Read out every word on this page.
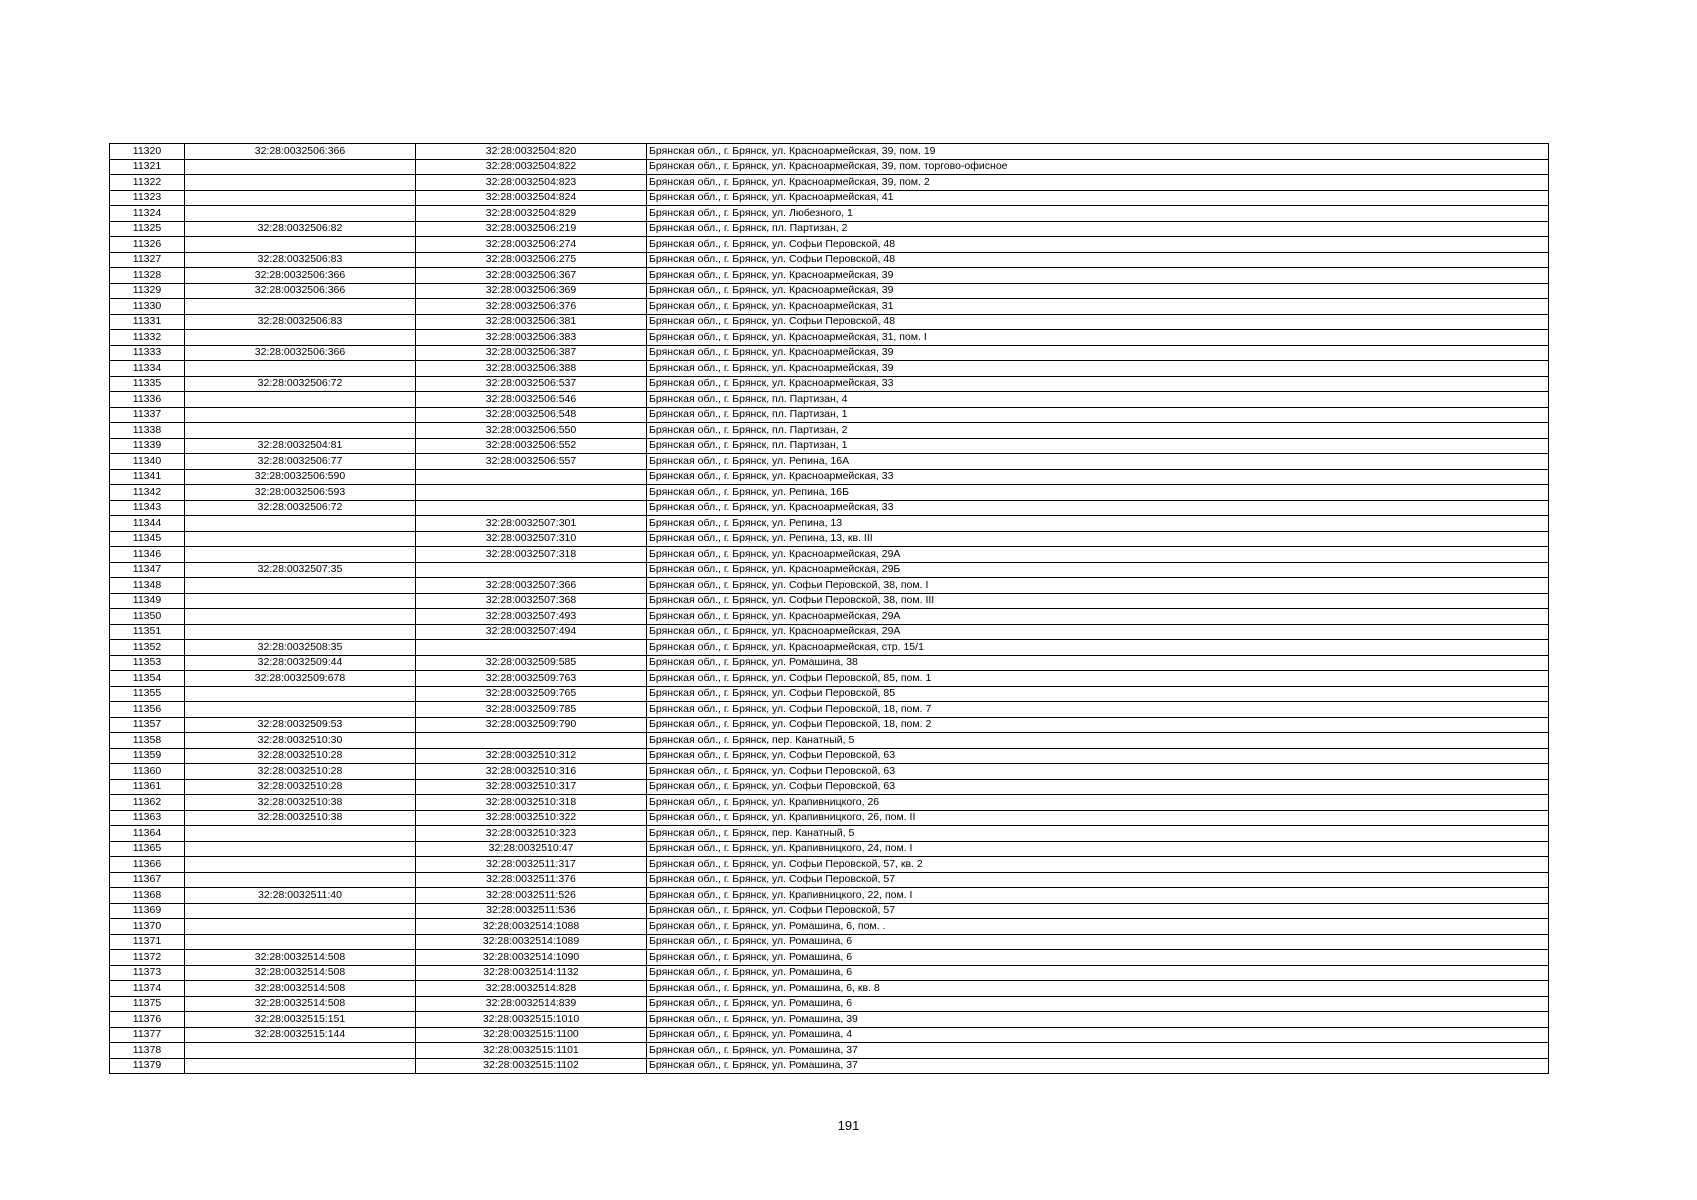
11320	32:28:0032506:366	32:28:0032504:820	Брянская обл., г. Брянск, ул. Красноармейская, 39, пом. 19
11321		32:28:0032504:822	Брянская обл., г. Брянск, ул. Красноармейская, 39, пом. торгово-офисное
11322		32:28:0032504:823	Брянская обл., г. Брянск, ул. Красноармейская, 39, пом. 2
11323		32:28:0032504:824	Брянская обл., г. Брянск, ул. Красноармейская, 41
11324		32:28:0032504:829	Брянская обл., г. Брянск, ул. Любезного, 1
11325	32:28:0032506:82	32:28:0032506:219	Брянская обл., г. Брянск, пл. Партизан, 2
11326		32:28:0032506:274	Брянская обл., г. Брянск, ул. Софьи Перовской, 48
11327	32:28:0032506:83	32:28:0032506:275	Брянская обл., г. Брянск, ул. Софьи Перовской, 48
11328	32:28:0032506:366	32:28:0032506:367	Брянская обл., г. Брянск, ул. Красноармейская, 39
11329	32:28:0032506:366	32:28:0032506:369	Брянская обл., г. Брянск, ул. Красноармейская, 39
11330		32:28:0032506:376	Брянская обл., г. Брянск, ул. Красноармейская, 31
11331	32:28:0032506:83	32:28:0032506:381	Брянская обл., г. Брянск, ул. Софьи Перовской, 48
11332		32:28:0032506:383	Брянская обл., г. Брянск, ул. Красноармейская, 31, пом. I
11333	32:28:0032506:366	32:28:0032506:387	Брянская обл., г. Брянск, ул. Красноармейская, 39
11334		32:28:0032506:388	Брянская обл., г. Брянск, ул. Красноармейская, 39
11335	32:28:0032506:72	32:28:0032506:537	Брянская обл., г. Брянск, ул. Красноармейская, 33
11336		32:28:0032506:546	Брянская обл., г. Брянск, пл. Партизан, 4
11337		32:28:0032506:548	Брянская обл., г. Брянск, пл. Партизан, 1
11338		32:28:0032506:550	Брянская обл., г. Брянск, пл. Партизан, 2
11339	32:28:0032504:81	32:28:0032506:552	Брянская обл., г. Брянск, пл. Партизан, 1
11340	32:28:0032506:77	32:28:0032506:557	Брянская обл., г. Брянск, ул. Репина, 16А
11341	32:28:0032506:590		Брянская обл., г. Брянск, ул. Красноармейская, 33
11342	32:28:0032506:593		Брянская обл., г. Брянск, ул. Репина, 16Б
11343	32:28:0032506:72		Брянская обл., г. Брянск, ул. Красноармейская, 33
11344		32:28:0032507:301	Брянская обл., г. Брянск, ул. Репина, 13
11345		32:28:0032507:310	Брянская обл., г. Брянск, ул. Репина, 13, кв. III
11346		32:28:0032507:318	Брянская обл., г. Брянск, ул. Красноармейская, 29А
11347	32:28:0032507:35		Брянская обл., г. Брянск, ул. Красноармейская, 29Б
11348		32:28:0032507:366	Брянская обл., г. Брянск, ул. Софьи Перовской, 38, пом. I
11349		32:28:0032507:368	Брянская обл., г. Брянск, ул. Софьи Перовской, 38, пом. III
11350		32:28:0032507:493	Брянская обл., г. Брянск, ул. Красноармейская, 29А
11351		32:28:0032507:494	Брянская обл., г. Брянск, ул. Красноармейская, 29А
11352	32:28:0032508:35		Брянская обл., г. Брянск, ул. Красноармейская, стр. 15/1
11353	32:28:0032509:44	32:28:0032509:585	Брянская обл., г. Брянск, ул. Ромашина, 38
11354	32:28:0032509:678	32:28:0032509:763	Брянская обл., г. Брянск, ул. Софьи Перовской, 85, пом. 1
11355		32:28:0032509:765	Брянская обл., г. Брянск, ул. Софьи Перовской, 85
11356		32:28:0032509:785	Брянская обл., г. Брянск, ул. Софьи Перовской, 18, пом. 7
11357	32:28:0032509:53	32:28:0032509:790	Брянская обл., г. Брянск, ул. Софьи Перовской, 18, пом. 2
11358	32:28:0032510:30		Брянская обл., г. Брянск, пер. Канатный, 5
11359	32:28:0032510:28	32:28:0032510:312	Брянская обл., г. Брянск, ул. Софьи Перовской, 63
11360	32:28:0032510:28	32:28:0032510:316	Брянская обл., г. Брянск, ул. Софьи Перовской, 63
11361	32:28:0032510:28	32:28:0032510:317	Брянская обл., г. Брянск, ул. Софьи Перовской, 63
11362	32:28:0032510:38	32:28:0032510:318	Брянская обл., г. Брянск, ул. Крапивницкого, 26
11363	32:28:0032510:38	32:28:0032510:322	Брянская обл., г. Брянск, ул. Крапивницкого, 26, пом. II
11364		32:28:0032510:323	Брянская обл., г. Брянск, пер. Канатный, 5
11365		32:28:0032510:47	Брянская обл., г. Брянск, ул. Крапивницкого, 24, пом. I
11366		32:28:0032511:317	Брянская обл., г. Брянск, ул. Софьи Перовской, 57, кв. 2
11367		32:28:0032511:376	Брянская обл., г. Брянск, ул. Софьи Перовской, 57
11368	32:28:0032511:40	32:28:0032511:526	Брянская обл., г. Брянск, ул. Крапивницкого, 22, пом. I
11369		32:28:0032511:536	Брянская обл., г. Брянск, ул. Софьи Перовской, 57
11370		32:28:0032514:1088	Брянская обл., г. Брянск, ул. Ромашина, 6, пом. .
11371		32:28:0032514:1089	Брянская обл., г. Брянск, ул. Ромашина, 6
11372	32:28:0032514:508	32:28:0032514:1090	Брянская обл., г. Брянск, ул. Ромашина, 6
11373	32:28:0032514:508	32:28:0032514:1132	Брянская обл., г. Брянск, ул. Ромашина, 6
11374	32:28:0032514:508	32:28:0032514:828	Брянская обл., г. Брянск, ул. Ромашина, 6, кв. 8
11375	32:28:0032514:508	32:28:0032514:839	Брянская обл., г. Брянск, ул. Ромашина, 6
11376	32:28:0032515:151	32:28:0032515:1010	Брянская обл., г. Брянск, ул. Ромашина, 39
11377	32:28:0032515:144	32:28:0032515:1100	Брянская обл., г. Брянск, ул. Ромашина, 4
11378		32:28:0032515:1101	Брянская обл., г. Брянск, ул. Ромашина, 37
11379		32:28:0032515:1102	Брянская обл., г. Брянск, ул. Ромашина, 37
191
